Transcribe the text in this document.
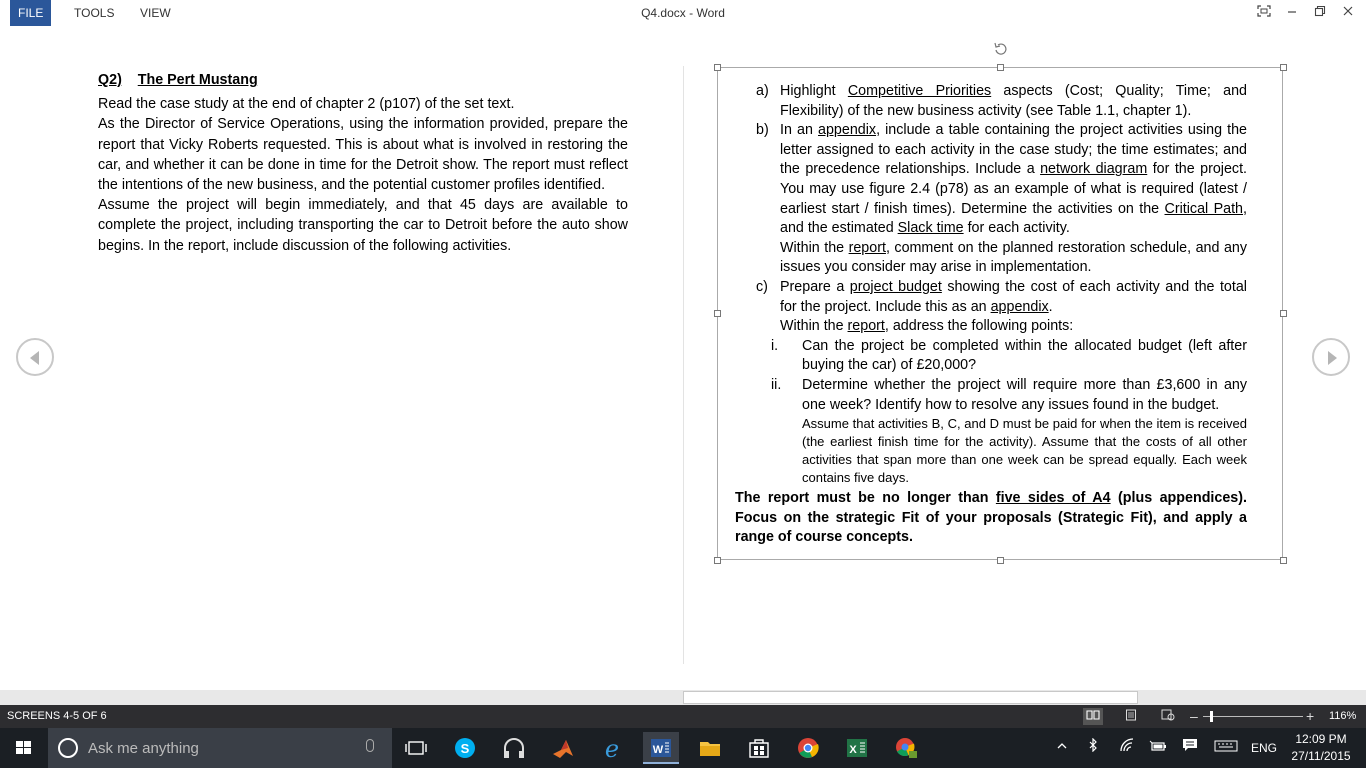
FILE	TOOLS	VIEW	Q4.docx - Word
Q2) The Pert Mustang
Read the case study at the end of chapter 2 (p107) of the set text.
As the Director of Service Operations, using the information provided, prepare the report that Vicky Roberts requested. This is about what is involved in restoring the car, and whether it can be done in time for the Detroit show. The report must reflect the intentions of the new business, and the potential customer profiles identified.
Assume the project will begin immediately, and that 45 days are available to complete the project, including transporting the car to Detroit before the auto show begins. In the report, include discussion of the following activities.
a) Highlight Competitive Priorities aspects (Cost; Quality; Time; and Flexibility) of the new business activity (see Table 1.1, chapter 1).
b) In an appendix, include a table containing the project activities using the letter assigned to each activity in the case study; the time estimates; and the precedence relationships. Include a network diagram for the project. You may use figure 2.4 (p78) as an example of what is required (latest / earliest start / finish times). Determine the activities on the Critical Path, and the estimated Slack time for each activity.
Within the report, comment on the planned restoration schedule, and any issues you consider may arise in implementation.
c) Prepare a project budget showing the cost of each activity and the total for the project. Include this as an appendix.
Within the report, address the following points:
i. Can the project be completed within the allocated budget (left after buying the car) of £20,000?
ii. Determine whether the project will require more than £3,600 in any one week? Identify how to resolve any issues found in the budget.
Assume that activities B, C, and D must be paid for when the item is received (the earliest finish time for the activity). Assume that the costs of all other activities that span more than one week can be spread equally. Each week contains five days.
The report must be no longer than five sides of A4 (plus appendices). Focus on the strategic Fit of your proposals (Strategic Fit), and apply a range of course concepts.
SCREENS 4-5 OF 6	–	+ 116%
Ask me anything
S	e	W	X	ENG
12:09 PM
27/11/2015
